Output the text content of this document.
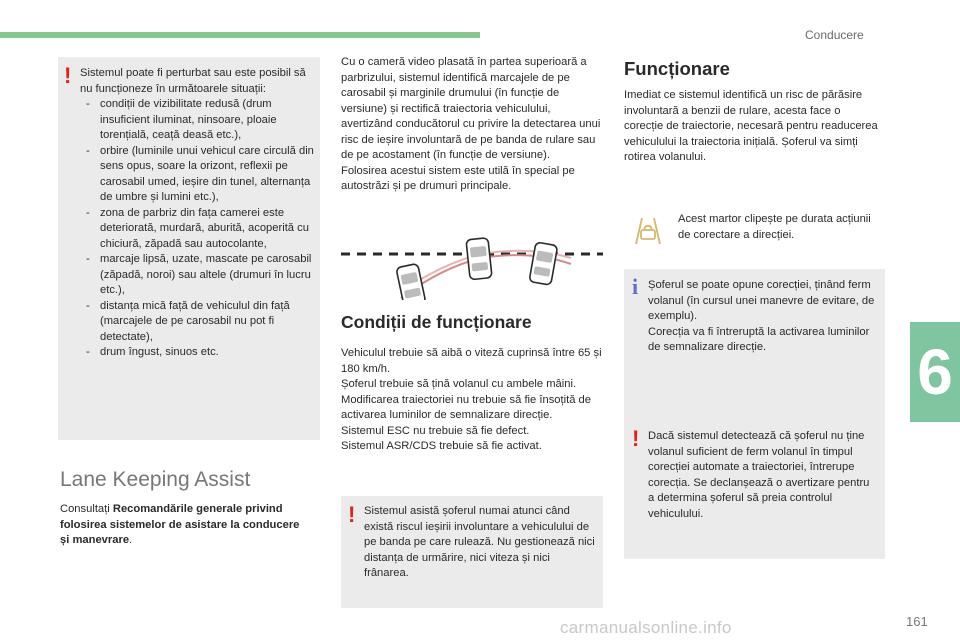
Conducere
6
! Sistemul poate fi perturbat sau este posibil să nu funcționeze în următoarele situații:
- condiții de vizibilitate redusă (drum insuficient iluminat, ninsoare, ploaie torențială, ceață deasă etc.),
- orbire (luminile unui vehicul care circulă din sens opus, soare la orizont, reflexii pe carosabil umed, ieșire din tunel, alternanța de umbre și lumini etc.),
- zona de parbriz din fața camerei este deteriorată, murdară, aburită, acoperită cu chiciură, zăpadă sau autocolante,
- marcaje lipsă, uzate, mascate pe carosabil (zăpadă, noroi) sau altele (drumuri în lucru etc.),
- distanța mică față de vehiculul din față (marcajele de pe carosabil nu pot fi detectate),
- drum îngust, sinuos etc.
Lane Keeping Assist
Consultați Recomandările generale privind folosirea sistemelor de asistare la conducere și manevrare.
Cu o cameră video plasată în partea superioară a parbrizului, sistemul identifică marcajele de pe carosabil și marginile drumului (în funcție de versiune) și rectifică traiectoria vehiculului, avertizând conducătorul cu privire la detectarea unui risc de ieșire involuntară de pe banda de rulare sau de pe acostament (în funcție de versiune).
Folosirea acestui sistem este utilă în special pe autostrăzi și pe drumuri principale.
Condiții de funcționare
Vehiculul trebuie să aibă o viteză cuprinsă între 65 și 180 km/h.
Șoferul trebuie să țină volanul cu ambele mâini.
Modificarea traiectoriei nu trebuie să fie însoțită de activarea luminilor de semnalizare direcție.
Sistemul ESC nu trebuie să fie defect.
Sistemul ASR/CDS trebuie să fie activat.
! Sistemul asistă șoferul numai atunci când există riscul ieșirii involuntare a vehiculului de pe banda pe care rulează. Nu gestionează nici distanța de urmărire, nici viteza și nici frânarea.
Funcționare
Imediat ce sistemul identifică un risc de părăsire involuntară a benzii de rulare, acesta face o corecție de traiectorie, necesară pentru readucerea vehiculului la traiectoria inițială. Șoferul va simți rotirea volanului.
Acest martor clipește pe durata acțiunii de corectare a direcției.
i Șoferul se poate opune corecției, ținând ferm volanul (în cursul unei manevre de evitare, de exemplu).
Corecția va fi întreruptă la activarea luminilor de semnalizare direcție.
! Dacă sistemul detectează că șoferul nu ține volanul suficient de ferm volanul în timpul corecției automate a traiectoriei, întrerupe corecția. Se declanșează o avertizare pentru a determina șoferul să preia controlul vehiculului.
carmanualsonline.info	161
